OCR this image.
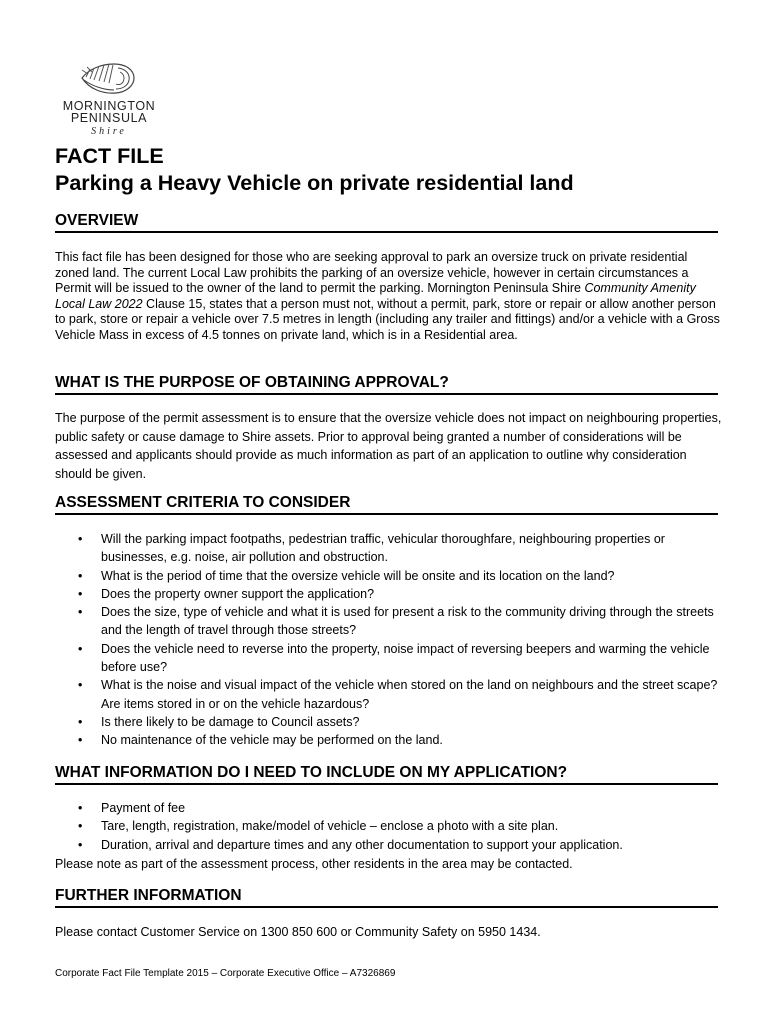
MORNINGTON
PENINSULA
Shire
FACT FILE
Parking a Heavy Vehicle on private residential land
OVERVIEW

This fact file has been designed for those who are seeking approval to park an oversize truck on private residential zoned land. The current Local Law prohibits the parking of an oversize vehicle, however in certain circumstances a Permit will be issued to the owner of the land to permit the parking. Mornington Peninsula Shire Community Amenity Local Law 2022 Clause 15, states that a person must not, without a permit, park, store or repair or allow another person to park, store or repair a vehicle over 7.5 metres in length (including any trailer and fittings) and/or a vehicle with a Gross Vehicle Mass in excess of 4.5 tonnes on private land, which is in a Residential area.

WHAT IS THE PURPOSE OF OBTAINING APPROVAL?

The purpose of the permit assessment is to ensure that the oversize vehicle does not impact on neighbouring properties, public safety or cause damage to Shire assets. Prior to approval being granted a number of considerations will be assessed and applicants should provide as much information as part of an application to outline why consideration should be given.

ASSESSMENT CRITERIA TO CONSIDER
• Will the parking impact footpaths, pedestrian traffic, vehicular thoroughfare, neighbouring properties or businesses, e.g. noise, air pollution and obstruction.
• What is the period of time that the oversize vehicle will be onsite and its location on the land?
• Does the property owner support the application?
• Does the size, type of vehicle and what it is used for present a risk to the community driving through the streets and the length of travel through those streets?
• Does the vehicle need to reverse into the property, noise impact of reversing beepers and warming the vehicle before use?
• What is the noise and visual impact of the vehicle when stored on the land on neighbours and the street scape? Are items stored in or on the vehicle hazardous?
• Is there likely to be damage to Council assets?
• No maintenance of the vehicle may be performed on the land.
WHAT INFORMATION DO I NEED TO INCLUDE ON MY APPLICATION?
• Payment of fee
• Tare, length, registration, make/model of vehicle – enclose a photo with a site plan.
• Duration, arrival and departure times and any other documentation to support your application.

Please note as part of the assessment process, other residents in the area may be contacted.

FURTHER INFORMATION

Please contact Customer Service on 1300 850 600 or Community Safety on 5950 1434.

Corporate Fact File Template 2015 – Corporate Executive Office – A7326869
